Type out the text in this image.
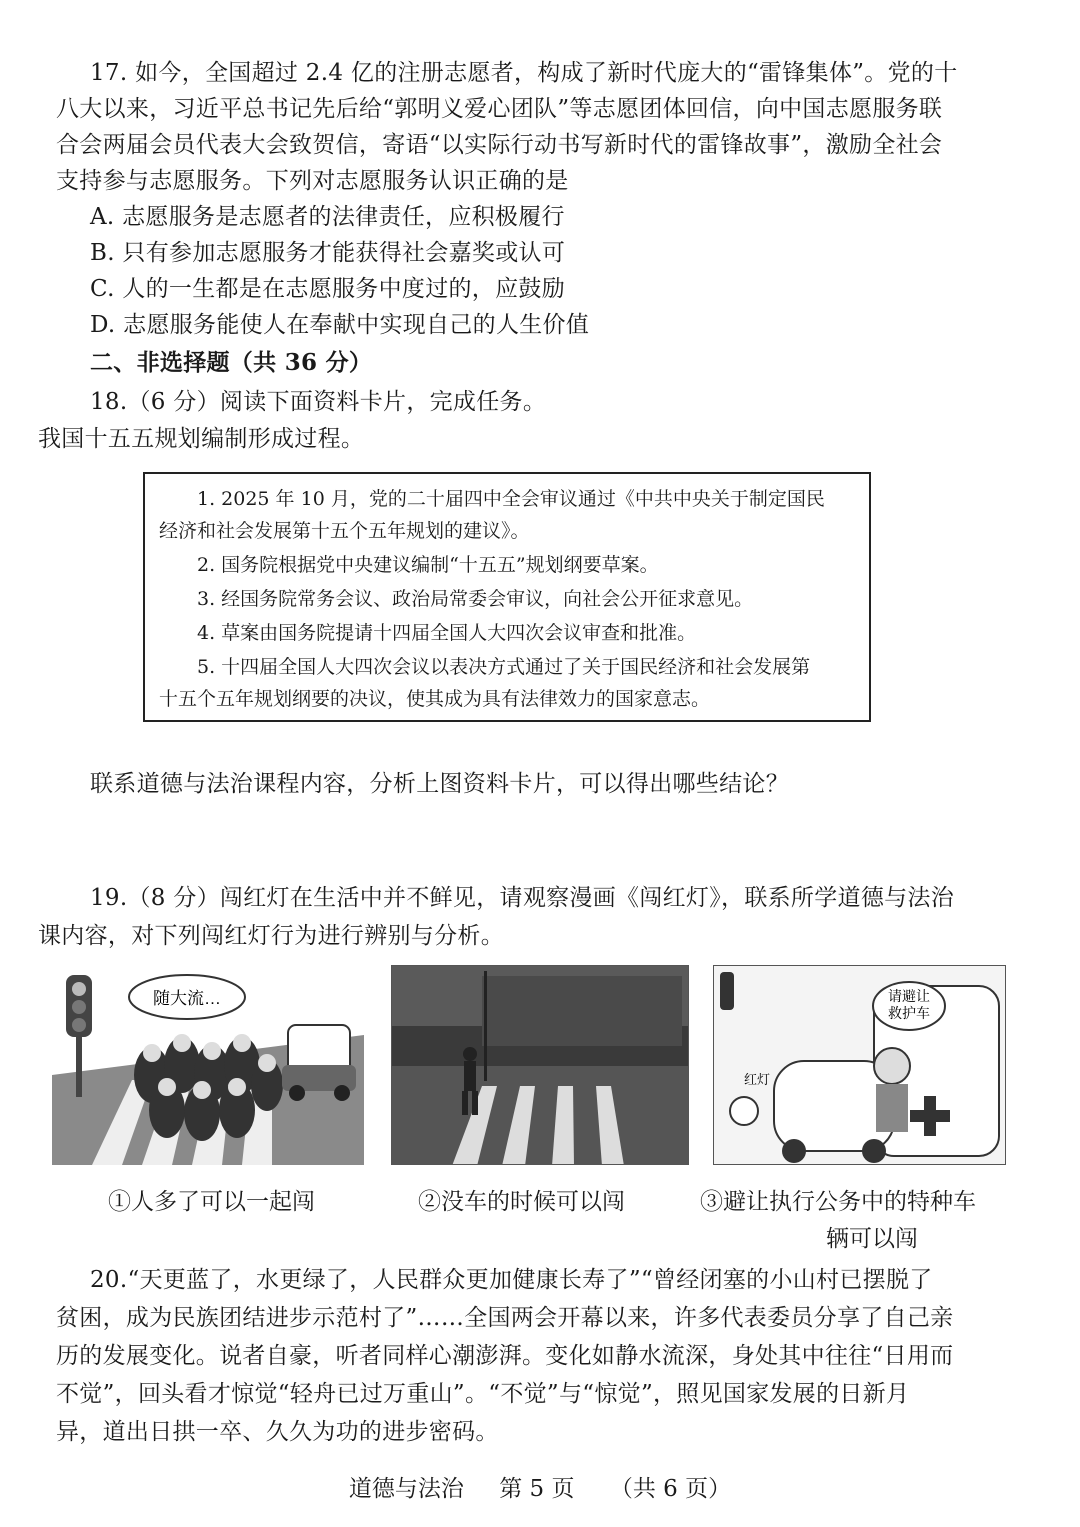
17. 如今，全国超过 2.4 亿的注册志愿者，构成了新时代庞大的“雷锋集体”。党的十
八大以来，习近平总书记先后给“郭明义爱心团队”等志愿团体回信，向中国志愿服务联
合会两届会员代表大会致贺信，寄语“以实际行动书写新时代的雷锋故事”，激励全社会
支持参与志愿服务。下列对志愿服务认识正确的是
A. 志愿服务是志愿者的法律责任，应积极履行
B. 只有参加志愿服务才能获得社会嘉奖或认可
C. 人的一生都是在志愿服务中度过的，应鼓励
D. 志愿服务能使人在奉献中实现自己的人生价值
二、非选择题（共 36 分）
18.（6 分）阅读下面资料卡片，完成任务。
我国十五五规划编制形成过程。
1. 2025 年 10 月，党的二十届四中全会审议通过《中共中央关于制定国民
经济和社会发展第十五个五年规划的建议》。
2. 国务院根据党中央建议编制“十五五”规划纲要草案。
3. 经国务院常务会议、政治局常委会审议，向社会公开征求意见。
4. 草案由国务院提请十四届全国人大四次会议审查和批准。
5. 十四届全国人大四次会议以表决方式通过了关于国民经济和社会发展第
十五个五年规划纲要的决议，使其成为具有法律效力的国家意志。
联系道德与法治课程内容，分析上图资料卡片，可以得出哪些结论？
19.（8 分）闯红灯在生活中并不鲜见，请观察漫画《闯红灯》，联系所学道德与法治
课内容，对下列闯红灯行为进行辨别与分析。
随大流…	请避让
救护车
红灯
①人多了可以一起闯	②没车的时候可以闯	③避让执行公务中的特种车
辆可以闯
20.“天更蓝了，水更绿了，人民群众更加健康长寿了”“曾经闭塞的小山村已摆脱了
贫困，成为民族团结进步示范村了”……全国两会开幕以来，许多代表委员分享了自己亲
历的发展变化。说者自豪，听者同样心潮澎湃。变化如静水流深，身处其中往往“日用而
不觉”，回头看才惊觉“轻舟已过万重山”。“不觉”与“惊觉”，照见国家发展的日新月
异，道出日拱一卒、久久为功的进步密码。
道德与法治 第 5 页 （共 6 页）
